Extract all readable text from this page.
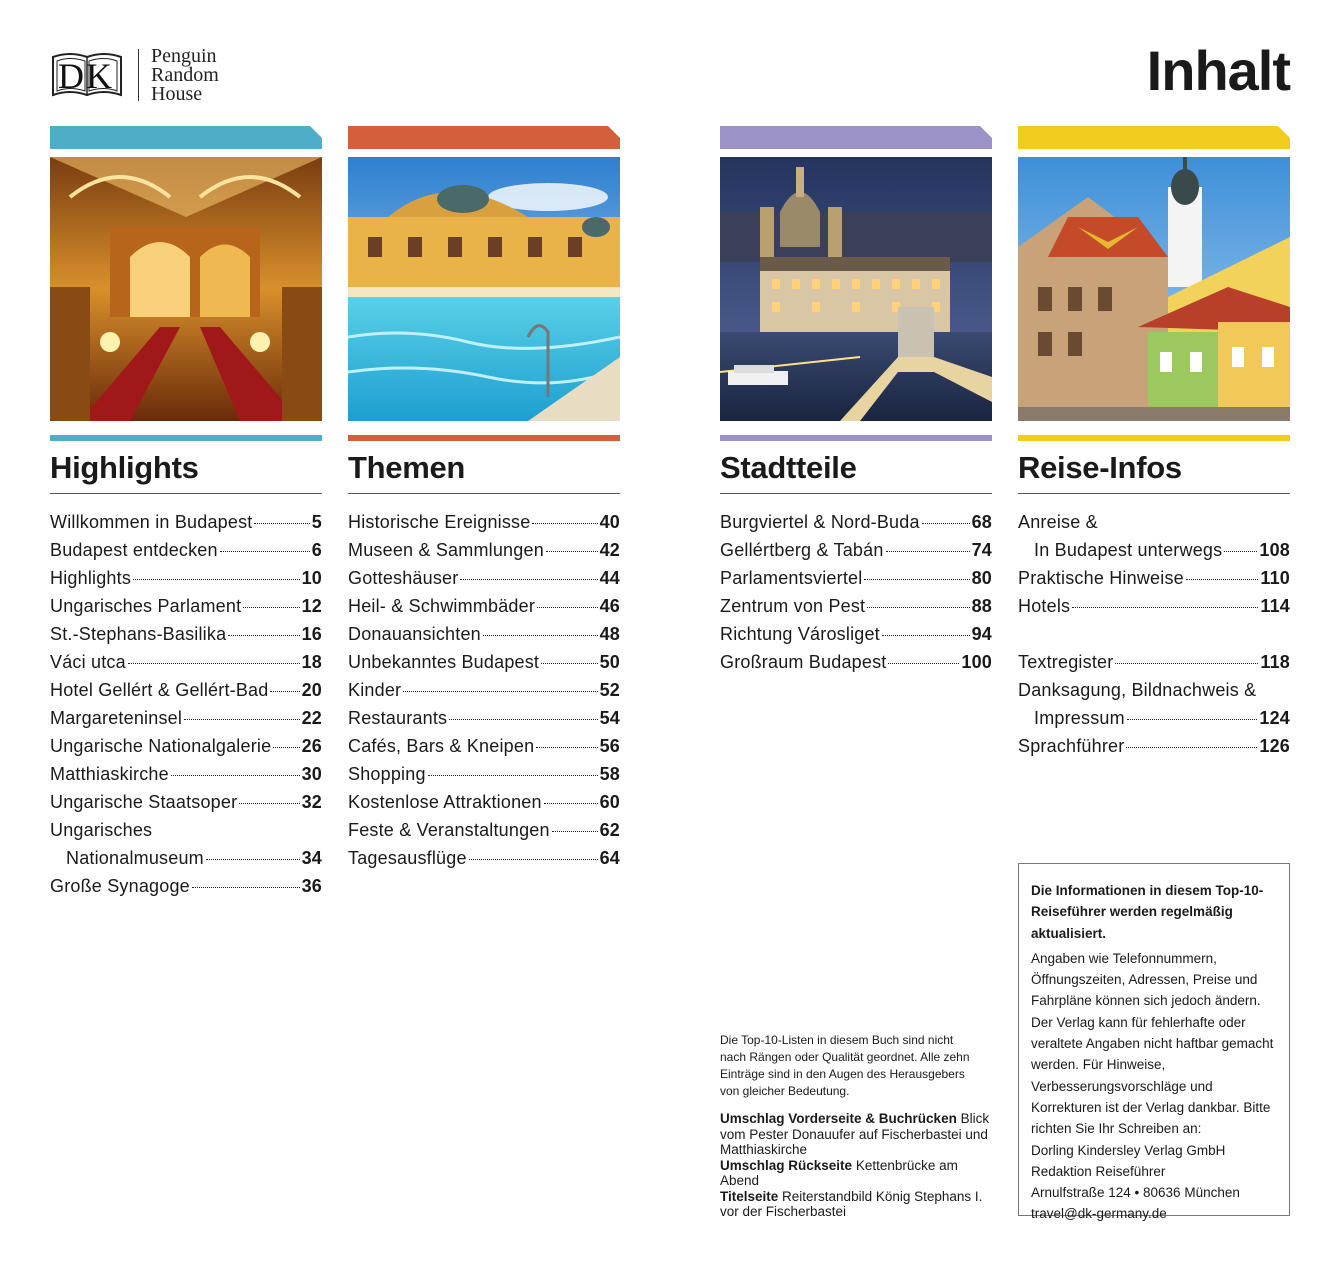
DK
Penguin
Random
House	Inhalt
Highlights
Willkommen in Budapest	5
Budapest entdecken	6
Highlights	10
Ungarisches Parlament	12
St.-Stephans-Basilika	16
Váci utca	18
Hotel Gellért & Gellért-Bad 20
Margareteninsel	22
Ungarische Nationalgalerie 26
Matthiaskirche	30
Ungarische Staatsoper	32
Ungarisches
Nationalmuseum	34
Große Synagoge	36
Themen
Historische Ereignisse	40
Museen & Sammlungen	42
Gotteshäuser	44
Heil- & Schwimmbäder	46
Donauansichten	48
Unbekanntes Budapest	50
Kinder	52
Restaurants	54
Cafés, Bars & Kneipen	56
Shopping	58
Kostenlose Attraktionen	60
Feste & Veranstaltungen	62
Tagesausflüge	64
Stadtteile
Burgviertel & Nord-Buda	68
Gellértberg & Tabán	74
Parlamentsviertel	80
Zentrum von Pest	88
Richtung Városliget	94
Großraum Budapest	100
Reise-Infos
Anreise &
In Budapest unterwegs 108
Praktische Hinweise	110
Hotels	114
Textregister	118
Danksagung, Bildnachweis &
Impressum	124
Sprachführer	126
Die Top-10-Listen in diesem Buch sind nicht nach Rängen oder Qualität geordnet. Alle zehn Einträge sind in den Augen des Herausgebers von gleicher Bedeutung.
Umschlag Vorderseite & Buchrücken Blick vom Pester Donauufer auf Fischerbastei und Matthiaskirche
Umschlag Rückseite Kettenbrücke am Abend
Titelseite Reiterstandbild König Stephans I. vor der Fischerbastei
Die Informationen in diesem Top-10-Reiseführer werden regelmäßig aktualisiert.
Angaben wie Telefonnummern, Öffnungszeiten, Adressen, Preise und Fahrpläne können sich jedoch ändern. Der Verlag kann für fehlerhafte oder veraltete Angaben nicht haftbar gemacht werden. Für Hinweise, Verbesserungsvorschläge und Korrekturen ist der Verlag dankbar. Bitte richten Sie Ihr Schreiben an:
Dorling Kindersley Verlag GmbH
Redaktion Reiseführer
Arnulfstraße 124 • 80636 München
travel@dk-germany.de
